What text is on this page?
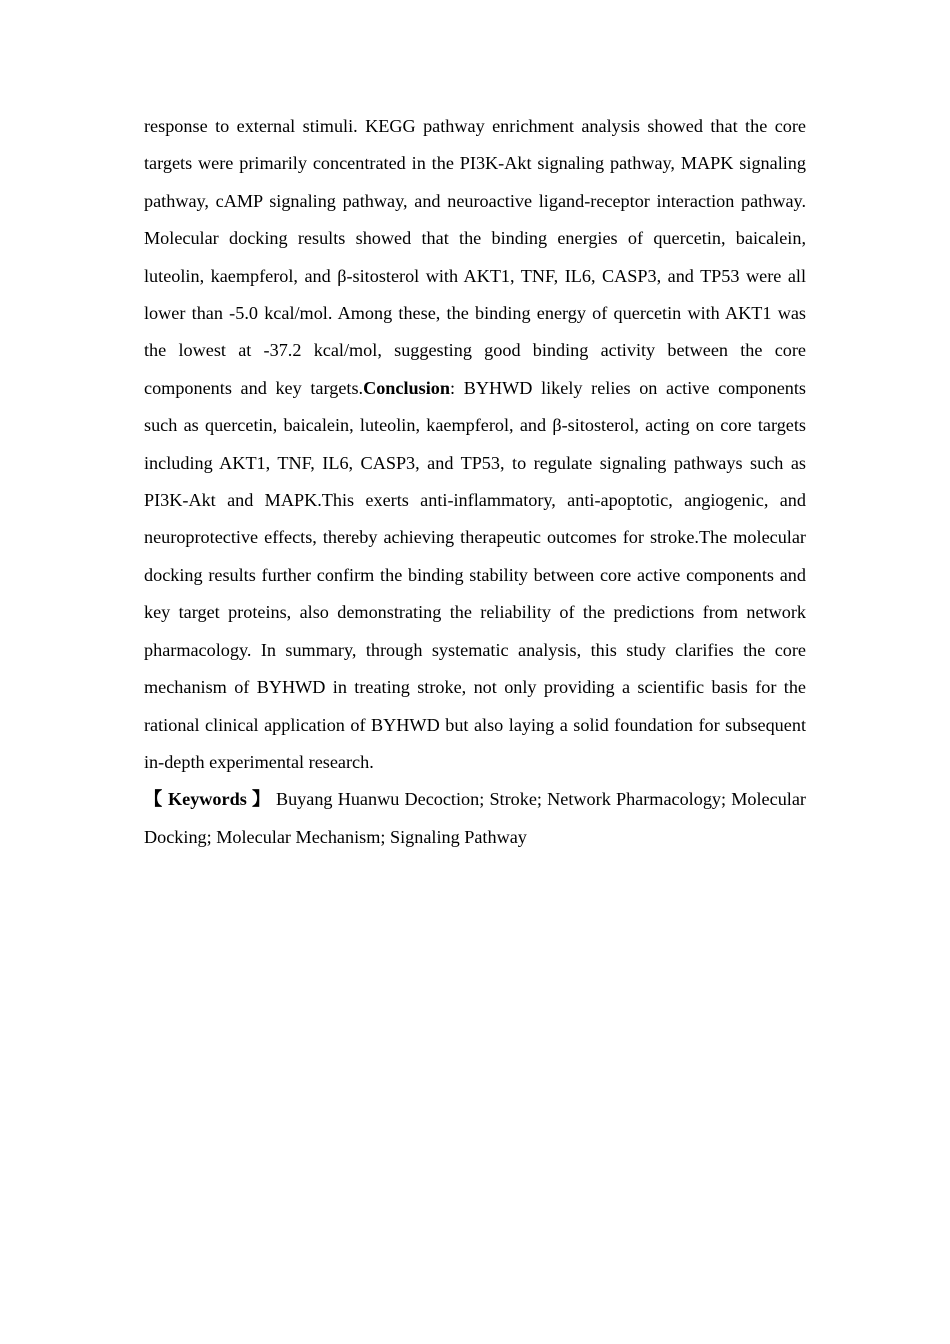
response to external stimuli. KEGG pathway enrichment analysis showed that the core targets were primarily concentrated in the PI3K-Akt signaling pathway, MAPK signaling pathway, cAMP signaling pathway, and neuroactive ligand-receptor interaction pathway. Molecular docking results showed that the binding energies of quercetin, baicalein, luteolin, kaempferol, and β-sitosterol with AKT1, TNF, IL6, CASP3, and TP53 were all lower than -5.0 kcal/mol. Among these, the binding energy of quercetin with AKT1 was the lowest at -37.2 kcal/mol, suggesting good binding activity between the core components and key targets.Conclusion: BYHWD likely relies on active components such as quercetin, baicalein, luteolin, kaempferol, and β-sitosterol, acting on core targets including AKT1, TNF, IL6, CASP3, and TP53, to regulate signaling pathways such as PI3K-Akt and MAPK.This exerts anti-inflammatory, anti-apoptotic, angiogenic, and neuroprotective effects, thereby achieving therapeutic outcomes for stroke.The molecular docking results further confirm the binding stability between core active components and key target proteins, also demonstrating the reliability of the predictions from network pharmacology. In summary, through systematic analysis, this study clarifies the core mechanism of BYHWD in treating stroke, not only providing a scientific basis for the rational clinical application of BYHWD but also laying a solid foundation for subsequent in-depth experimental research.

【 Keywords 】 Buyang Huanwu Decoction; Stroke; Network Pharmacology; Molecular Docking; Molecular Mechanism; Signaling Pathway
